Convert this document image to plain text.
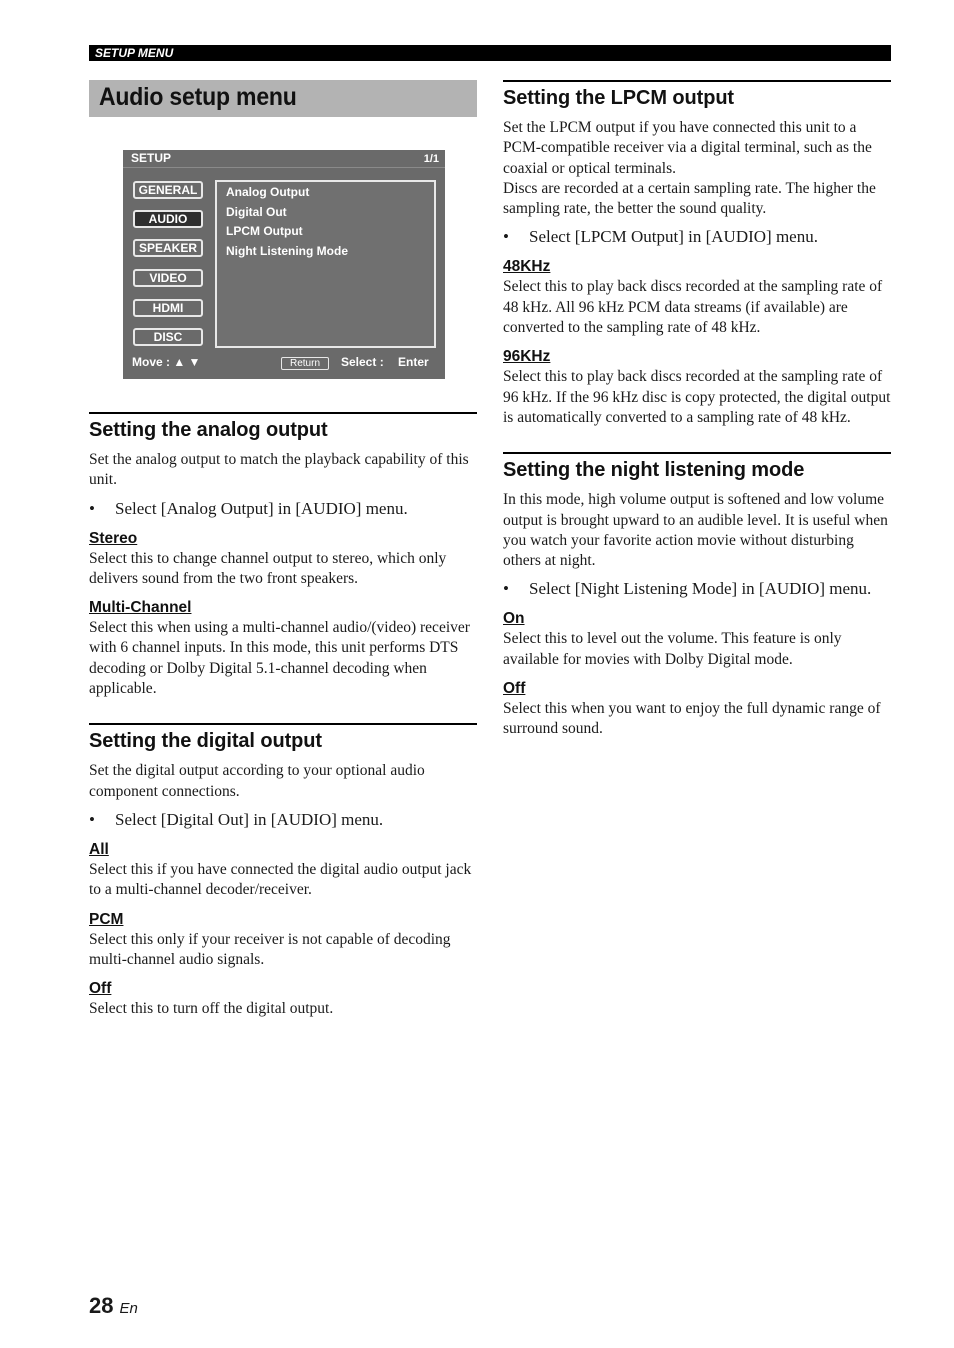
SETUP MENU
Audio setup menu
SETUP	1/1
GENERAL
AUDIO
SPEAKER
VIDEO
HDMI
DISC
Analog Output
Digital Out
LPCM Output
Night Listening Mode
Move : ▲ ▼	Return	Select : Enter
Setting the analog output

Set the analog output to match the playback capability of this unit.

• Select [Analog Output] in [AUDIO] menu.
Stereo

Select this to change channel output to stereo, which only delivers sound from the two front speakers.

Multi-Channel

Select this when using a multi-channel audio/(video) receiver with 6 channel inputs. In this mode, this unit performs DTS decoding or Dolby Digital 5.1-channel decoding when applicable.

Setting the digital output

Set the digital output according to your optional audio component connections.

• Select [Digital Out] in [AUDIO] menu.
All

Select this if you have connected the digital audio output jack to a multi-channel decoder/receiver.

PCM

Select this only if your receiver is not capable of decoding multi-channel audio signals.

Off

Select this to turn off the digital output.

Setting the LPCM output

Set the LPCM output if you have connected this unit to a PCM-compatible receiver via a digital terminal, such as the coaxial or optical terminals.

Discs are recorded at a certain sampling rate. The higher the sampling rate, the better the sound quality.

• Select [LPCM Output] in [AUDIO] menu.
48KHz

Select this to play back discs recorded at the sampling rate of 48 kHz. All 96 kHz PCM data streams (if available) are converted to the sampling rate of 48 kHz.

96KHz

Select this to play back discs recorded at the sampling rate of 96 kHz. If the 96 kHz disc is copy protected, the digital output is automatically converted to a sampling rate of 48 kHz.

Setting the night listening mode

In this mode, high volume output is softened and low volume output is brought upward to an audible level. It is useful when you watch your favorite action movie without disturbing others at night.

• Select [Night Listening Mode] in [AUDIO] menu.
On

Select this to level out the volume. This feature is only available for movies with Dolby Digital mode.

Off

Select this when you want to enjoy the full dynamic range of surround sound.

28 En
